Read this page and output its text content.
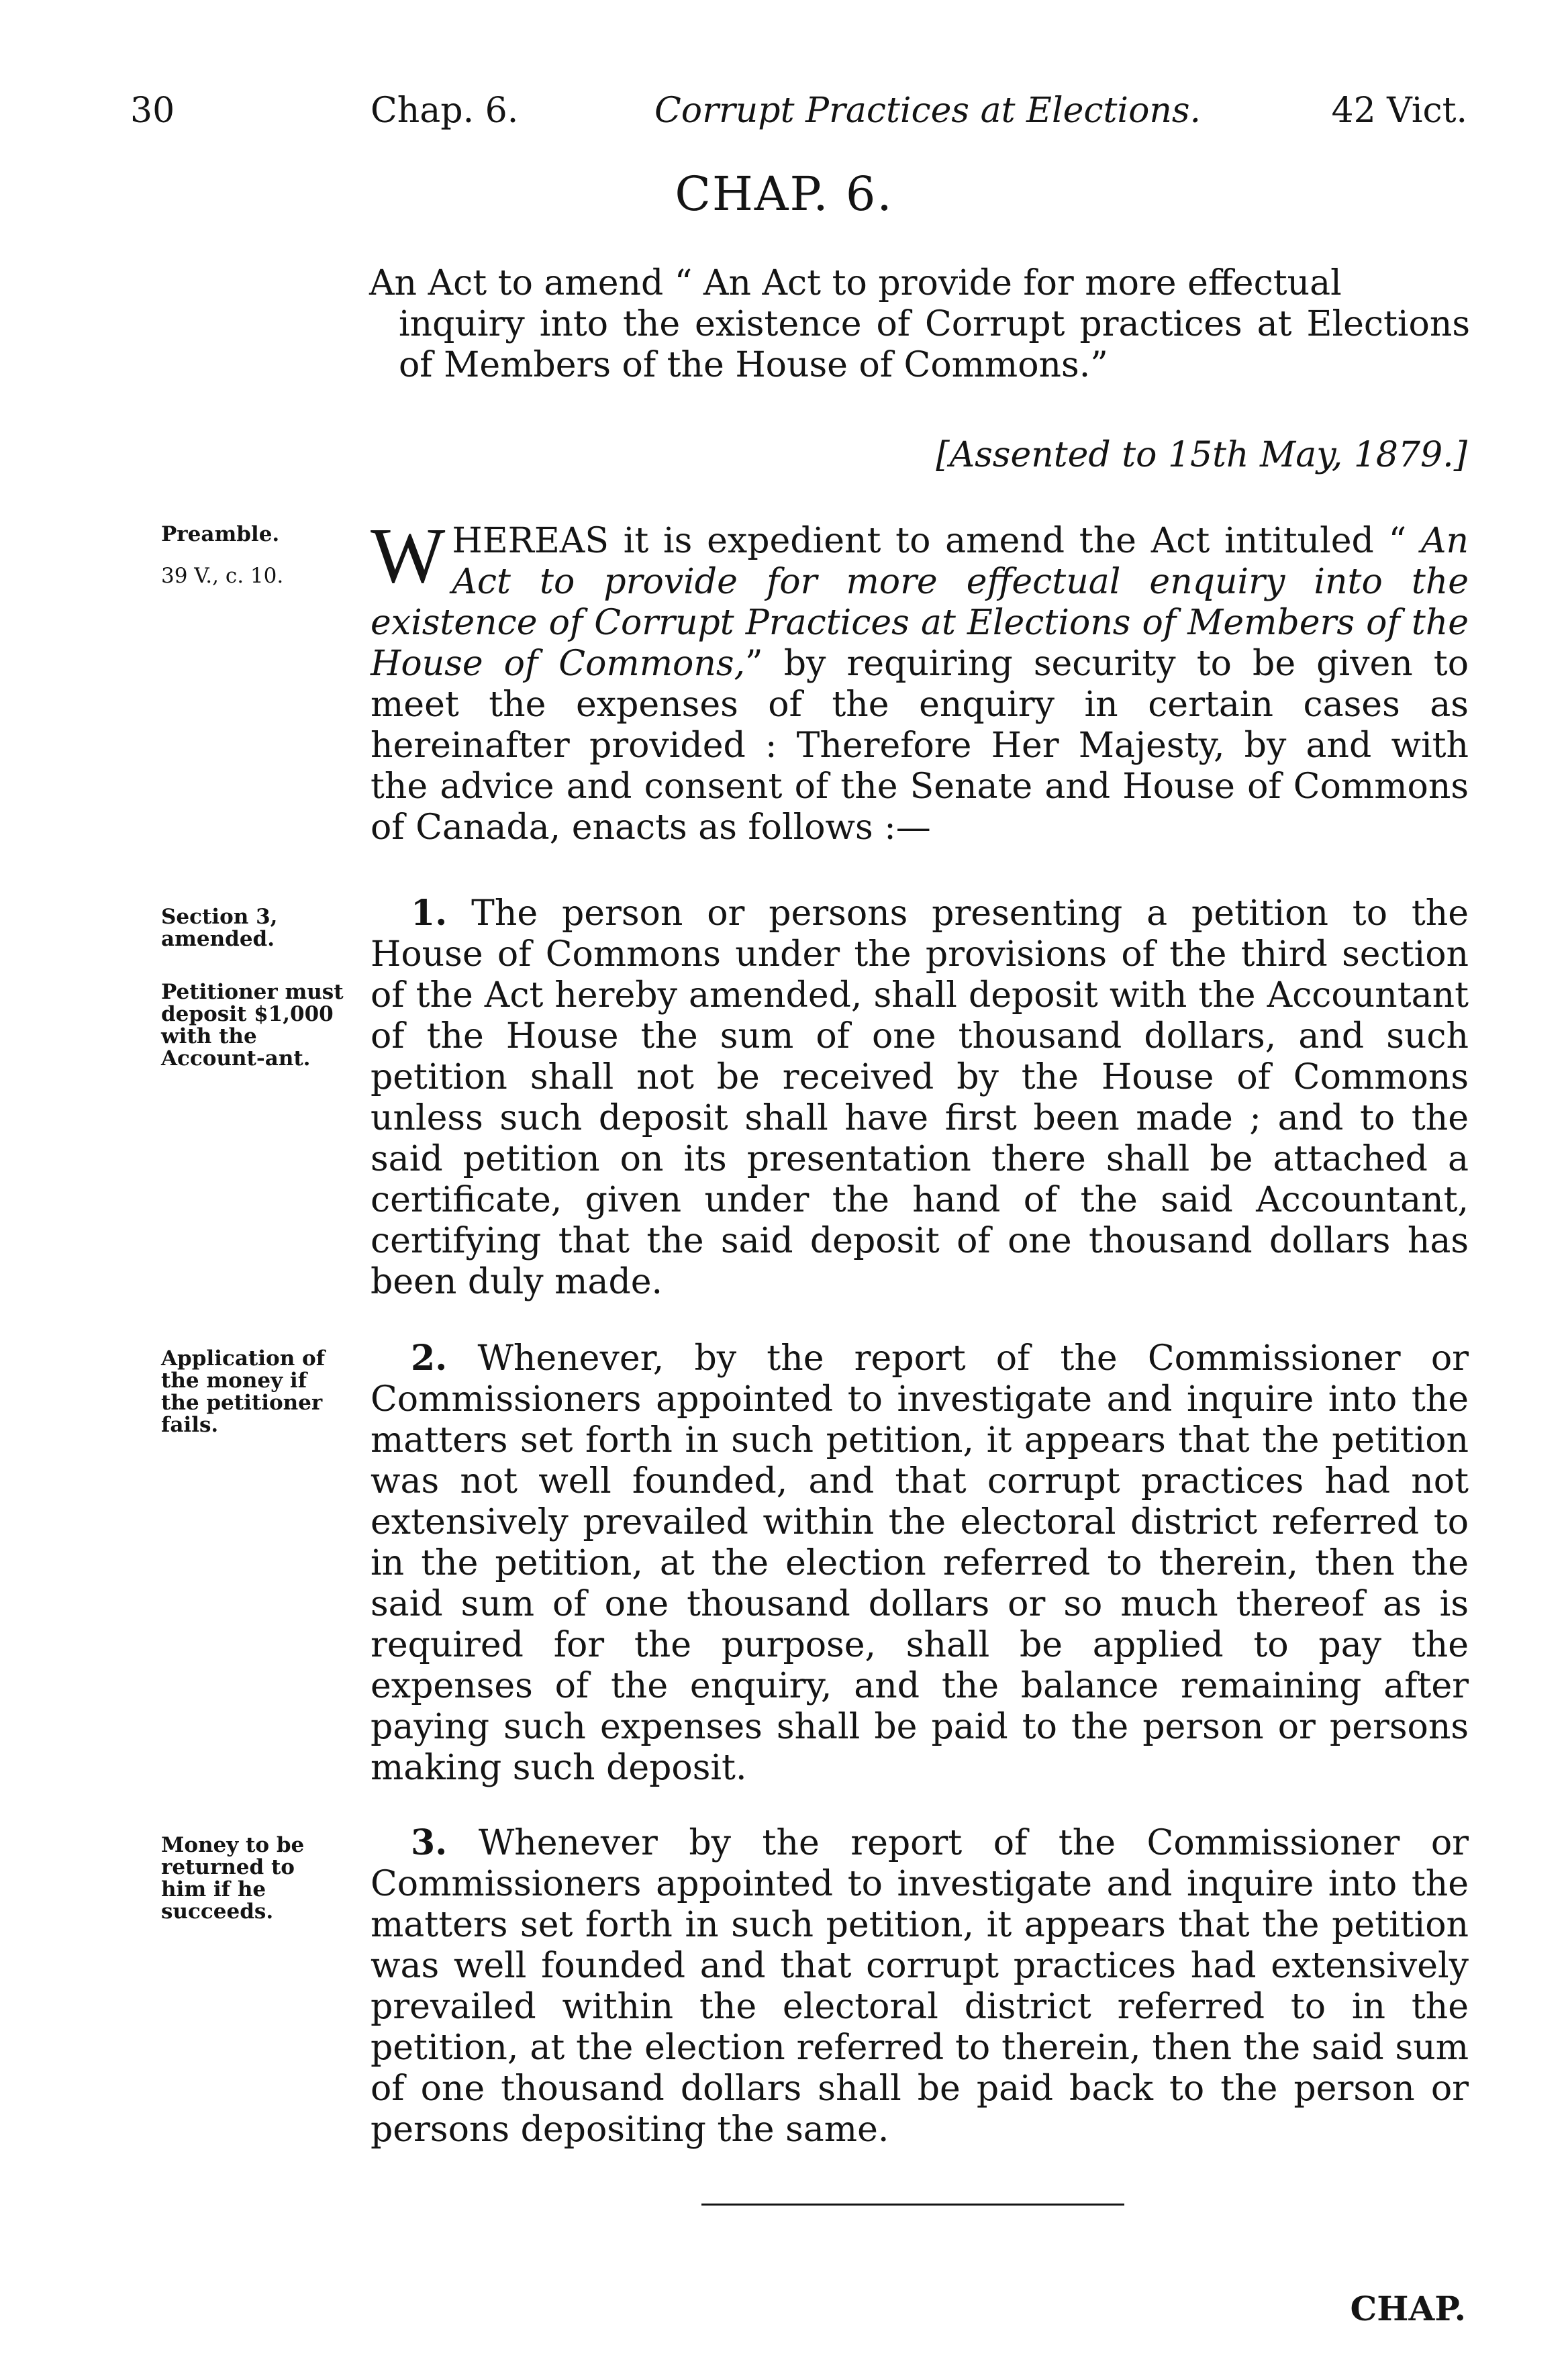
30	Chap. 6.	Corrupt Practices at Elections.	42 Vict.
CHAP. 6.
An Act to amend “ An Act to provide for more effectual
inquiry into the existence of Corrupt practices at Elections of Members of the House of Commons.”
[Assented to 15th May, 1879.]
Preamble.
39 V., c. 10.	WHEREAS it is expedient to amend the Act intituled “ An Act to provide for more effectual enquiry into the existence of Corrupt Practices at Elections of Members of the House of Commons,” by requiring security to be given to meet the expenses of the enquiry in certain cases as hereinafter provided : Therefore Her Majesty, by and with the advice and consent of the Senate and House of Commons of Canada, enacts as follows :—
Section 3, amended.
Petitioner must deposit $1,000 with the Account-ant.
1. The person or persons presenting a petition to the House of Commons under the provisions of the third section of the Act hereby amended, shall deposit with the Accountant of the House the sum of one thousand dollars, and such petition shall not be received by the House of Commons unless such deposit shall have first been made ; and to the said petition on its presentation there shall be attached a certificate, given under the hand of the said Accountant, certifying that the said deposit of one thousand dollars has been duly made.
Application of the money if the petitioner fails.
2. Whenever, by the report of the Commissioner or Commissioners appointed to investigate and inquire into the matters set forth in such petition, it appears that the petition was not well founded, and that corrupt practices had not extensively prevailed within the electoral district referred to in the petition, at the election referred to therein, then the said sum of one thousand dollars or so much thereof as is required for the purpose, shall be applied to pay the expenses of the enquiry, and the balance remaining after paying such expenses shall be paid to the person or persons making such deposit.
Money to be returned to him if he succeeds.
3. Whenever by the report of the Commissioner or Commissioners appointed to investigate and inquire into the matters set forth in such petition, it appears that the petition was well founded and that corrupt practices had extensively prevailed within the electoral district referred to in the petition, at the election referred to therein, then the said sum of one thousand dollars shall be paid back to the person or persons depositing the same.
CHAP.
